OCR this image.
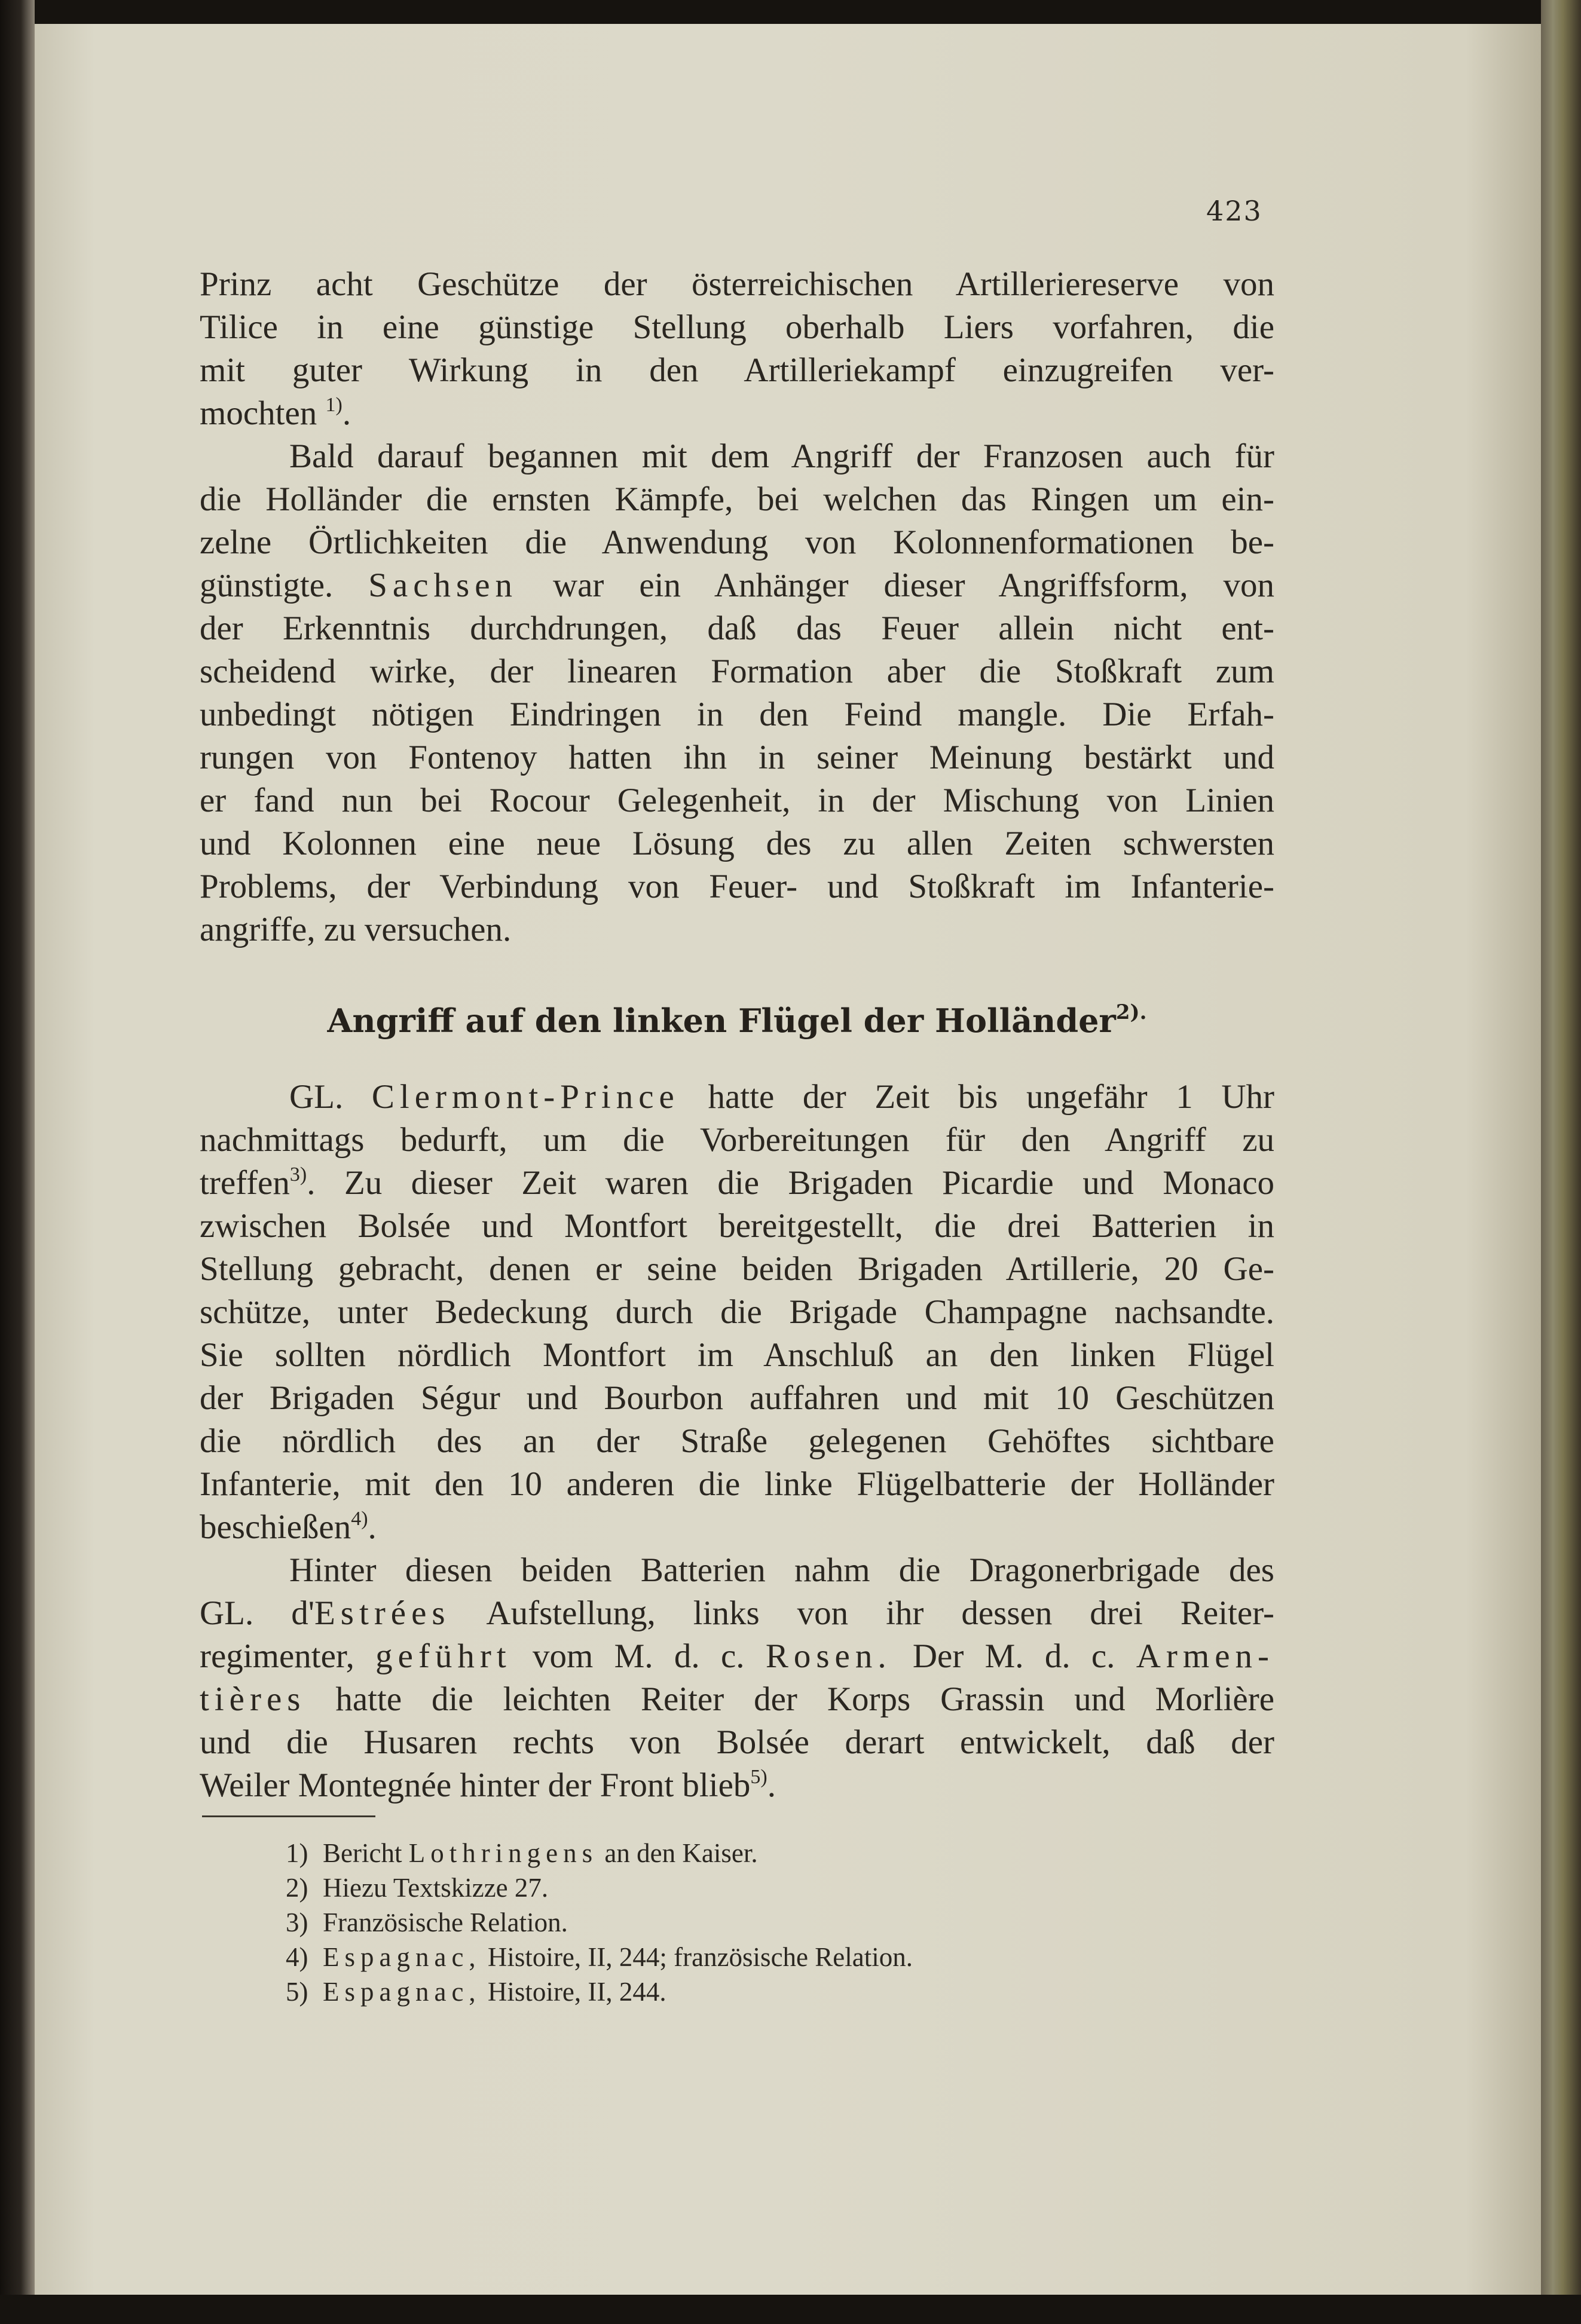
423
Prinz acht Geschütze der österreichischen Artilleriereserve von
Tilice in eine günstige Stellung oberhalb Liers vorfahren, die
mit guter Wirkung in den Artilleriekampf einzugreifen ver-
mochten $^{1)}$.
Bald darauf begannen mit dem Angriff der Franzosen auch für
die Holländer die ernsten Kämpfe, bei welchen das Ringen um ein-
zelne Örtlichkeiten die Anwendung von Kolonnenformationen be-
günstigte. Sachsen war ein Anhänger dieser Angriffsform, von
der Erkenntnis durchdrungen, daß das Feuer allein nicht ent-
scheidend wirke, der linearen Formation aber die Stoßkraft zum
unbedingt nötigen Eindringen in den Feind mangle. Die Erfah-
rungen von Fontenoy hatten ihn in seiner Meinung bestärkt und
er fand nun bei Rocour Gelegenheit, in der Mischung von Linien
und Kolonnen eine neue Lösung des zu allen Zeiten schwersten
Problems, der Verbindung von Feuer- und Stoßkraft im Infanterie-
angriffe, zu versuchen.
Angriff auf den linken Flügel der Holländer$^{2).}$
GL. Clermont-Prince hatte der Zeit bis ungefähr 1 Uhr
nachmittags bedurft, um die Vorbereitungen für den Angriff zu
treffen$^{3)}$. Zu dieser Zeit waren die Brigaden Picardie und Monaco
zwischen Bolsée und Montfort bereitgestellt, die drei Batterien in
Stellung gebracht, denen er seine beiden Brigaden Artillerie, 20 Ge-
schütze, unter Bedeckung durch die Brigade Champagne nachsandte.
Sie sollten nördlich Montfort im Anschluß an den linken Flügel
der Brigaden Ségur und Bourbon auffahren und mit 10 Geschützen
die nördlich des an der Straße gelegenen Gehöftes sichtbare
Infanterie, mit den 10 anderen die linke Flügelbatterie der Holländer
beschießen$^{4)}$.
Hinter diesen beiden Batterien nahm die Dragonerbrigade des
GL. d'Estrées Aufstellung, links von ihr dessen drei Reiter-
regimenter, geführt vom M. d. c. Rosen. Der M. d. c. Armen-
tières hatte die leichten Reiter der Korps Grassin und Morlière
und die Husaren rechts von Bolsée derart entwickelt, daß der
Weiler Montegnée hinter der Front blieb$^{5)}$.
1) Bericht Lothringens an den Kaiser.
2) Hiezu Textskizze 27.
3) Französische Relation.
4) Espagnac, Histoire, II, 244; französische Relation.
5) Espagnac, Histoire, II, 244.
